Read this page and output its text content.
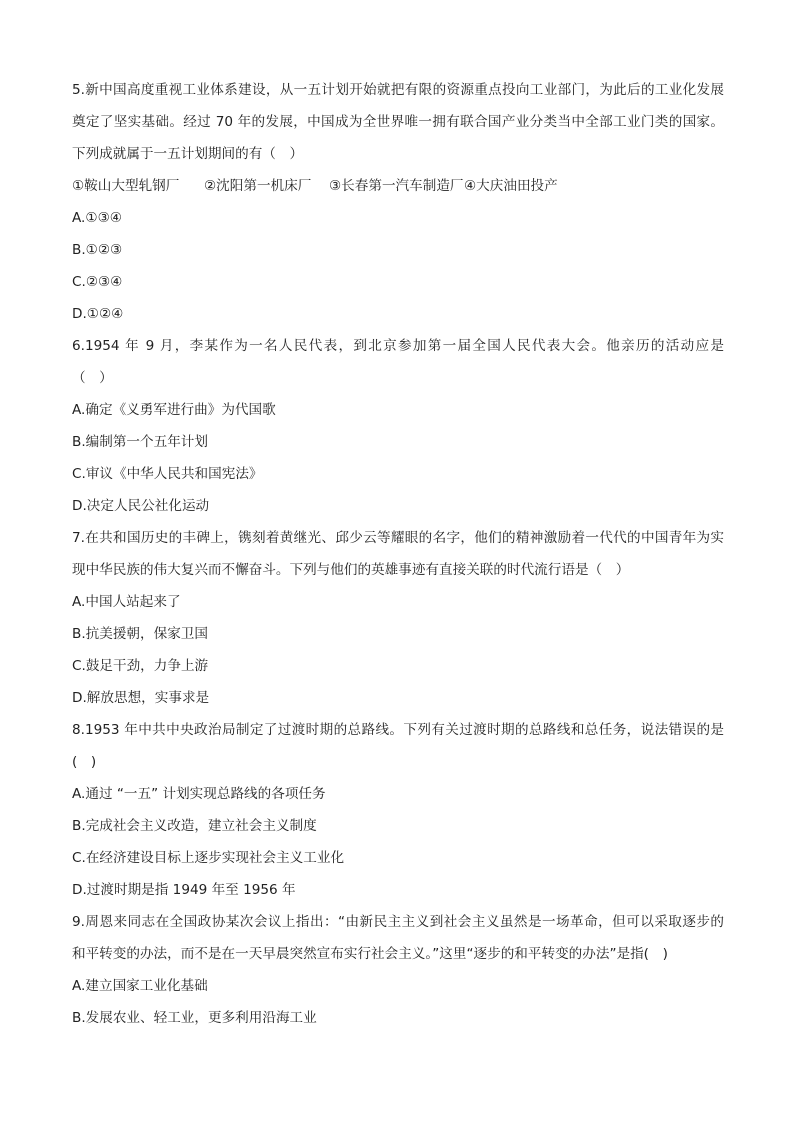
5.新中国高度重视工业体系建设，从一五计划开始就把有限的资源重点投向工业部门，为此后的工业化发展
奠定了坚实基础。经过 70 年的发展，中国成为全世界唯一拥有联合国产业分类当中全部工业门类的国家。
下列成就属于一五计划期间的有（　）
①鞍山大型轧钢厂	②沈阳第一机床厂	③长春第一汽车制造厂 ④大庆油田投产
A.①③④
B.①②③
C.②③④
D.①②④
6.1954 年 9 月，李某作为一名人民代表，到北京参加第一届全国人民代表大会。他亲历的活动应是
（　）
A.确定《义勇军进行曲》为代国歌
B.编制第一个五年计划
C.审议《中华人民共和国宪法》
D.决定人民公社化运动
7.在共和国历史的丰碑上，镌刻着黄继光、邱少云等耀眼的名字，他们的精神激励着一代代的中国青年为实
现中华民族的伟大复兴而不懈奋斗。下列与他们的英雄事迹有直接关联的时代流行语是（　）
A.中国人站起来了
B.抗美援朝，保家卫国
C.鼓足干劲，力争上游
D.解放思想，实事求是
8.1953 年中共中央政治局制定了过渡时期的总路线。下列有关过渡时期的总路线和总任务，说法错误的是
(　)
A.通过 “一五” 计划实现总路线的各项任务
B.完成社会主义改造，建立社会主义制度
C.在经济建设目标上逐步实现社会主义工业化
D.过渡时期是指 1949 年至 1956 年
9.周恩来同志在全国政协某次会议上指出：“由新民主主义到社会主义虽然是一场革命，但可以采取逐步的
和平转变的办法，而不是在一天早晨突然宣布实行社会主义。”这里“逐步的和平转变的办法”是指(　)
A.建立国家工业化基础
B.发展农业、轻工业，更多利用沿海工业
